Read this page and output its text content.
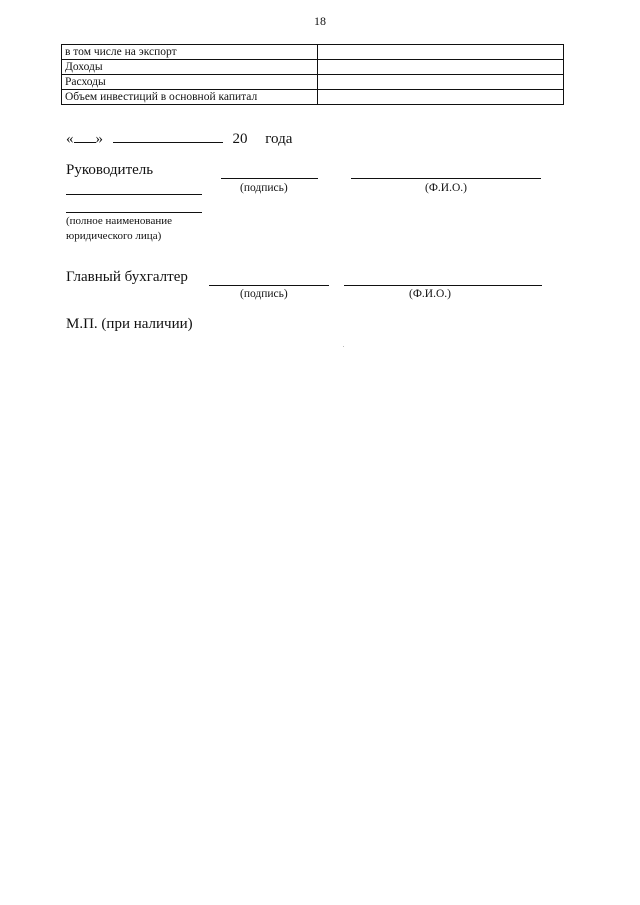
18
в том числе на экспорт	
Доходы	
Расходы	
Объем инвестиций в основной капитал	
« »	20 года
Руководитель
(подпись)	(Ф.И.О.)
(полное наименование
юридического лица)
Главный бухгалтер
(подпись)	(Ф.И.О.)
М.П. (при наличии)
